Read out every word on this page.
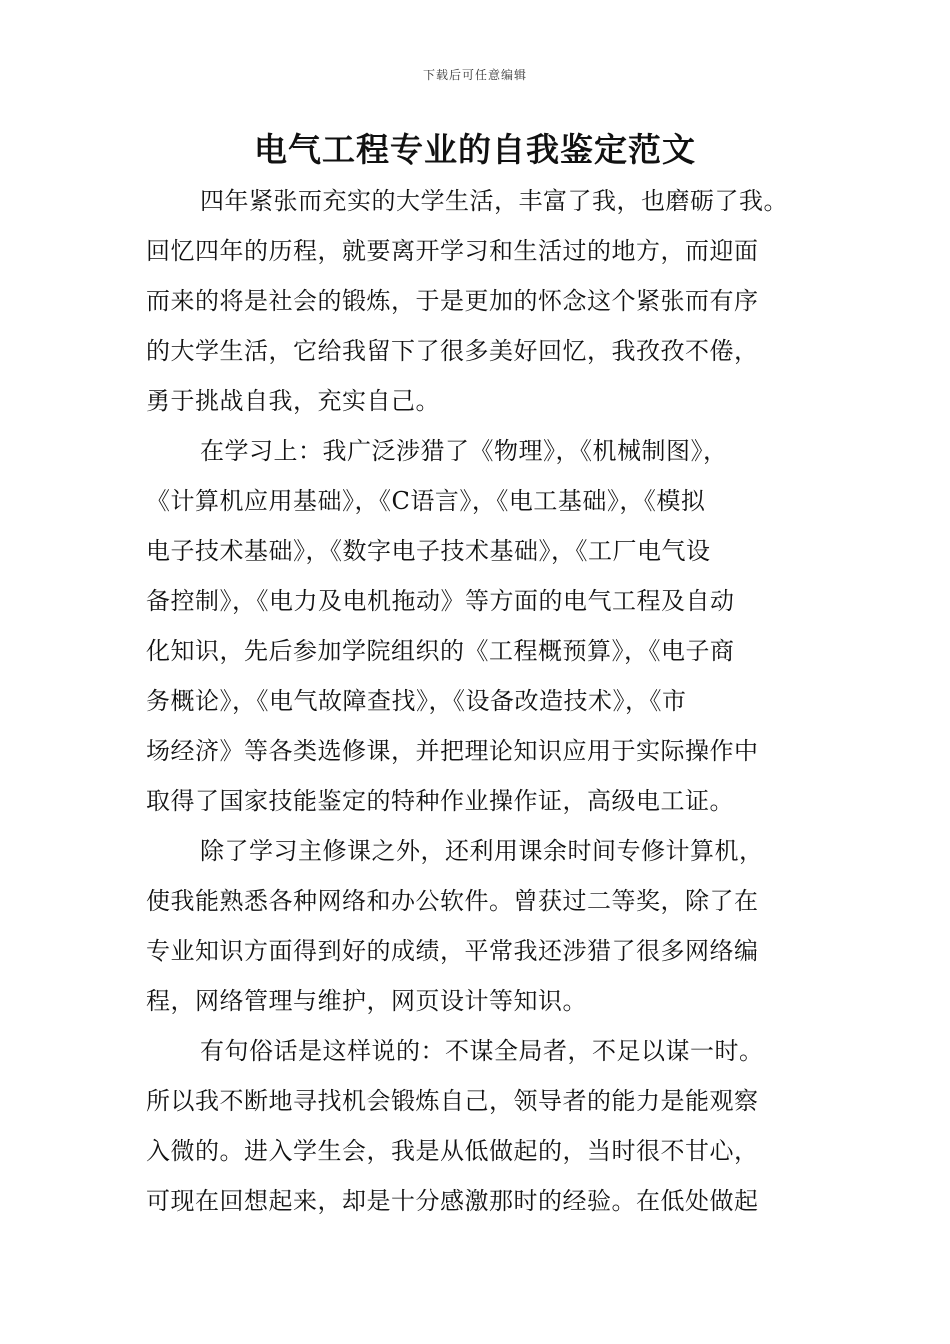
下载后可任意编辑
电气工程专业的自我鉴定范文
四年紧张而充实的大学生活，丰富了我，也磨砺了我。
回忆四年的历程，就要离开学习和生活过的地方，而迎面
而来的将是社会的锻炼，于是更加的怀念这个紧张而有序
的大学生活，它给我留下了很多美好回忆，我孜孜不倦，
勇于挑战自我，充实自己。
在学习上：我广泛涉猎了《物理》，《机械制图》，
《计算机应用基础》，《C语言》，《电工基础》，《模拟
电子技术基础》，《数字电子技术基础》，《工厂电气设
备控制》，《电力及电机拖动》等方面的电气工程及自动
化知识，先后参加学院组织的《工程概预算》，《电子商
务概论》，《电气故障查找》，《设备改造技术》，《市
场经济》等各类选修课，并把理论知识应用于实际操作中
取得了国家技能鉴定的特种作业操作证，高级电工证。
除了学习主修课之外，还利用课余时间专修计算机，
使我能熟悉各种网络和办公软件。曾获过二等奖，除了在
专业知识方面得到好的成绩，平常我还涉猎了很多网络编
程，网络管理与维护，网页设计等知识。
有句俗话是这样说的：不谋全局者，不足以谋一时。
所以我不断地寻找机会锻炼自己，领导者的能力是能观察
入微的。进入学生会，我是从低做起的，当时很不甘心，
可现在回想起来，却是十分感激那时的经验。在低处做起
